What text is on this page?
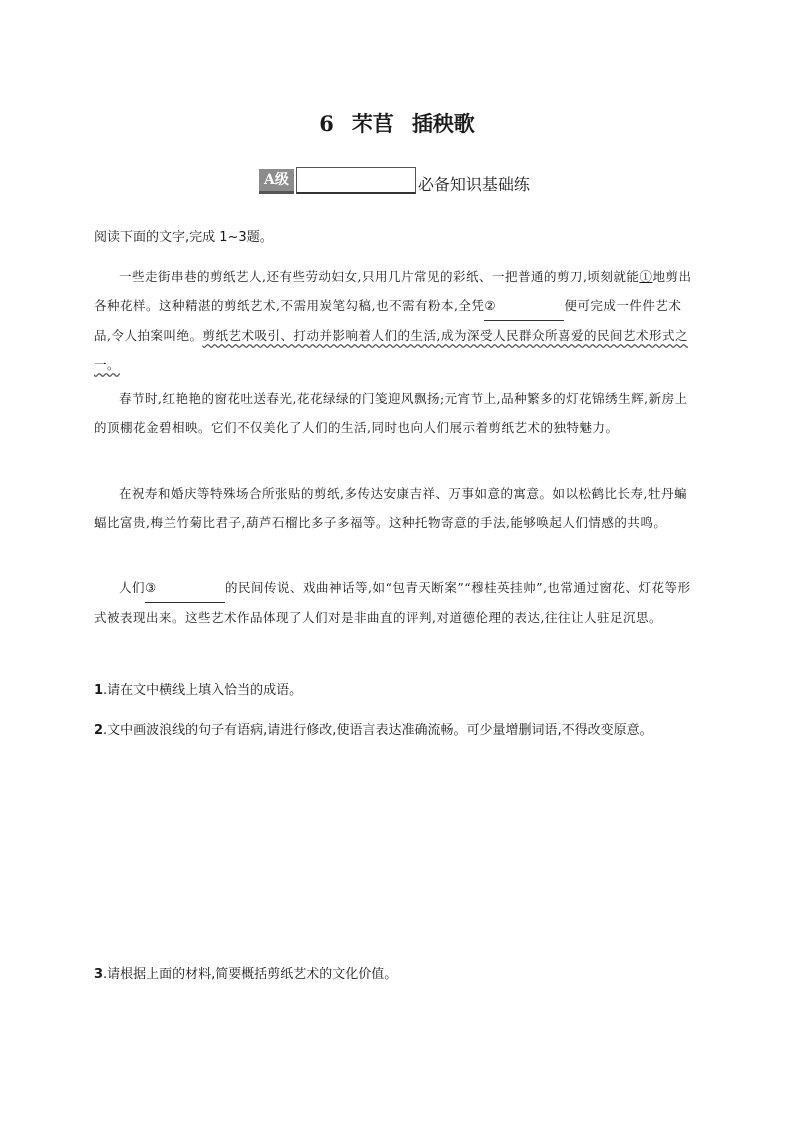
6 芣苢 插秧歌
A级	必备知识基础练
阅读下面的文字,完成 1~3题。
一些走街串巷的剪纸艺人,还有些劳动妇女,只用几片常见的彩纸、一把普通的剪刀,顷刻就能①地剪出各种花样。这种精湛的剪纸艺术,不需用炭笔勾稿,也不需有粉本,全凭②	便可完成一件件艺术品,令人拍案叫绝。剪纸艺术吸引、打动并影响着人们的生活,成为深受人民群众所喜爱的民间艺术形式之一。
春节时,红艳艳的窗花吐送春光,花花绿绿的门笺迎风飘扬;元宵节上,品种繁多的灯花锦绣生辉,新房上的顶棚花金碧相映。它们不仅美化了人们的生活,同时也向人们展示着剪纸艺术的独特魅力。
在祝寿和婚庆等特殊场合所张贴的剪纸,多传达安康吉祥、万事如意的寓意。如以松鹤比长寿,牡丹蝙蝠比富贵,梅兰竹菊比君子,葫芦石榴比多子多福等。这种托物寄意的手法,能够唤起人们情感的共鸣。
人们③	的民间传说、戏曲神话等,如“包青天断案”“穆桂英挂帅”,也常通过窗花、灯花等形式被表现出来。这些艺术作品体现了人们对是非曲直的评判,对道德伦理的表达,往往让人驻足沉思。
1.请在文中横线上填入恰当的成语。
2.文中画波浪线的句子有语病,请进行修改,使语言表达准确流畅。可少量增删词语,不得改变原意。
3.请根据上面的材料,简要概括剪纸艺术的文化价值。
